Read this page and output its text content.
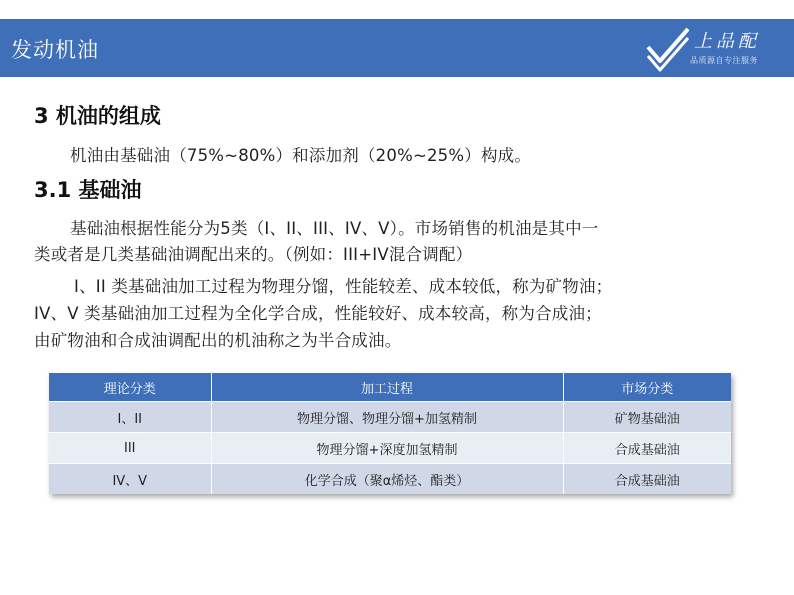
发动机油	上品配
品质源自专注服务
3 机油的组成
机油由基础油（75%~80%）和添加剂（20%~25%）构成。
3.1 基础油
基础油根据性能分为5类（I、II、III、IV、V）。市场销售的机油是其中一
类或者是几类基础油调配出来的。（例如：III+IV混合调配）
I、II 类基础油加工过程为物理分馏，性能较差、成本较低，称为矿物油；
IV、V 类基础油加工过程为全化学合成，性能较好、成本较高，称为合成油；
由矿物油和合成油调配出的机油称之为半合成油。
理论分类	加工过程	市场分类
I、II	物理分馏、物理分馏+加氢精制	矿物基础油
III	物理分馏+深度加氢精制	合成基础油
IV、V	化学合成（聚α烯烃、酯类）	合成基础油
